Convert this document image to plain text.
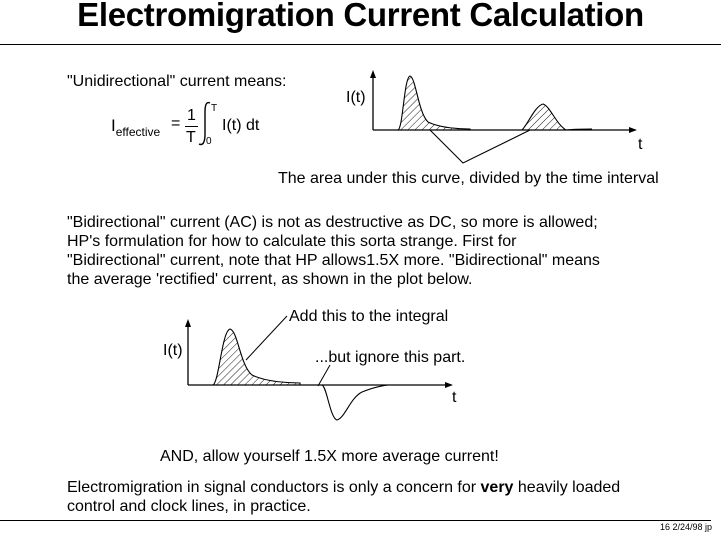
Electromigration Current Calculation
"Unidirectional" current means:
$I_{effective} = 1$
T
T
0
I(t) dt
I(t)
t
The area under this curve, divided by the time interval
"Bidirectional" current (AC) is not as destructive as DC, so more is allowed;
HP's formulation for how to calculate this sorta strange. First for
"Bidirectional" current, note that HP allows1.5X more. "Bidirectional" means
the average 'rectified' current, as shown in the plot below.
Add this to the integral
...but ignore this part.
I(t)
t
AND, allow yourself 1.5X more average current!
Electromigration in signal conductors is only a concern for very heavily loaded
control and clock lines, in practice.
16 2/24/98 jp
